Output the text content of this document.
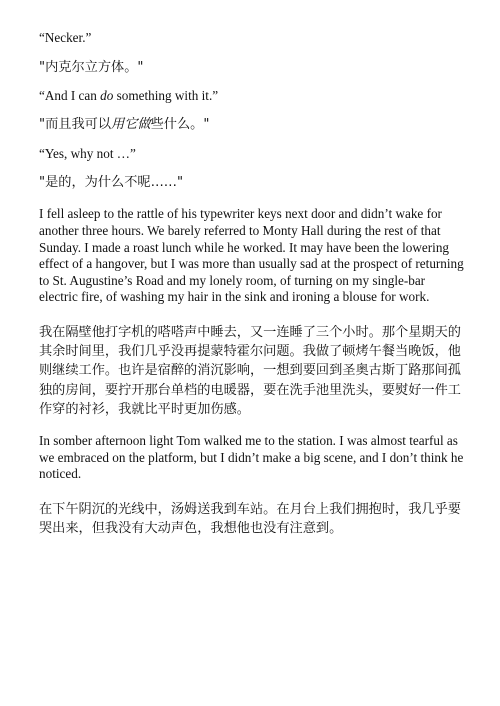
“Necker.”

"内克尔立方体。"

“And I can do something with it.”

"而且我可以用它做些什么。"

“Yes, why not …”

"是的，为什么不呢……"

I fell asleep to the rattle of his typewriter keys next door and didn’t wake for another three hours. We barely referred to Monty Hall during the rest of that Sunday. I made a roast lunch while he worked. It may have been the lowering effect of a hangover, but I was more than usually sad at the prospect of returning to St. Augustine’s Road and my lonely room, of turning on my single-bar electric fire, of washing my hair in the sink and ironing a blouse for work.

我在隔壁他打字机的嗒嗒声中睡去，又一连睡了三个小时。那个星期天的其余时间里，我们几乎没再提蒙特霍尔问题。我做了顿烤午餐当晚饭，他则继续工作。也许是宿醉的消沉影响，一想到要回到圣奥古斯丁路那间孤独的房间，要拧开那台单档的电暖器，要在洗手池里洗头，要熨好一件工作穿的衬衫，我就比平时更加伤感。

In somber afternoon light Tom walked me to the station. I was almost tearful as we embraced on the platform, but I didn’t make a big scene, and I don’t think he noticed.

在下午阴沉的光线中，汤姆送我到车站。在月台上我们拥抱时，我几乎要哭出来，但我没有大动声色，我想他也没有注意到。
